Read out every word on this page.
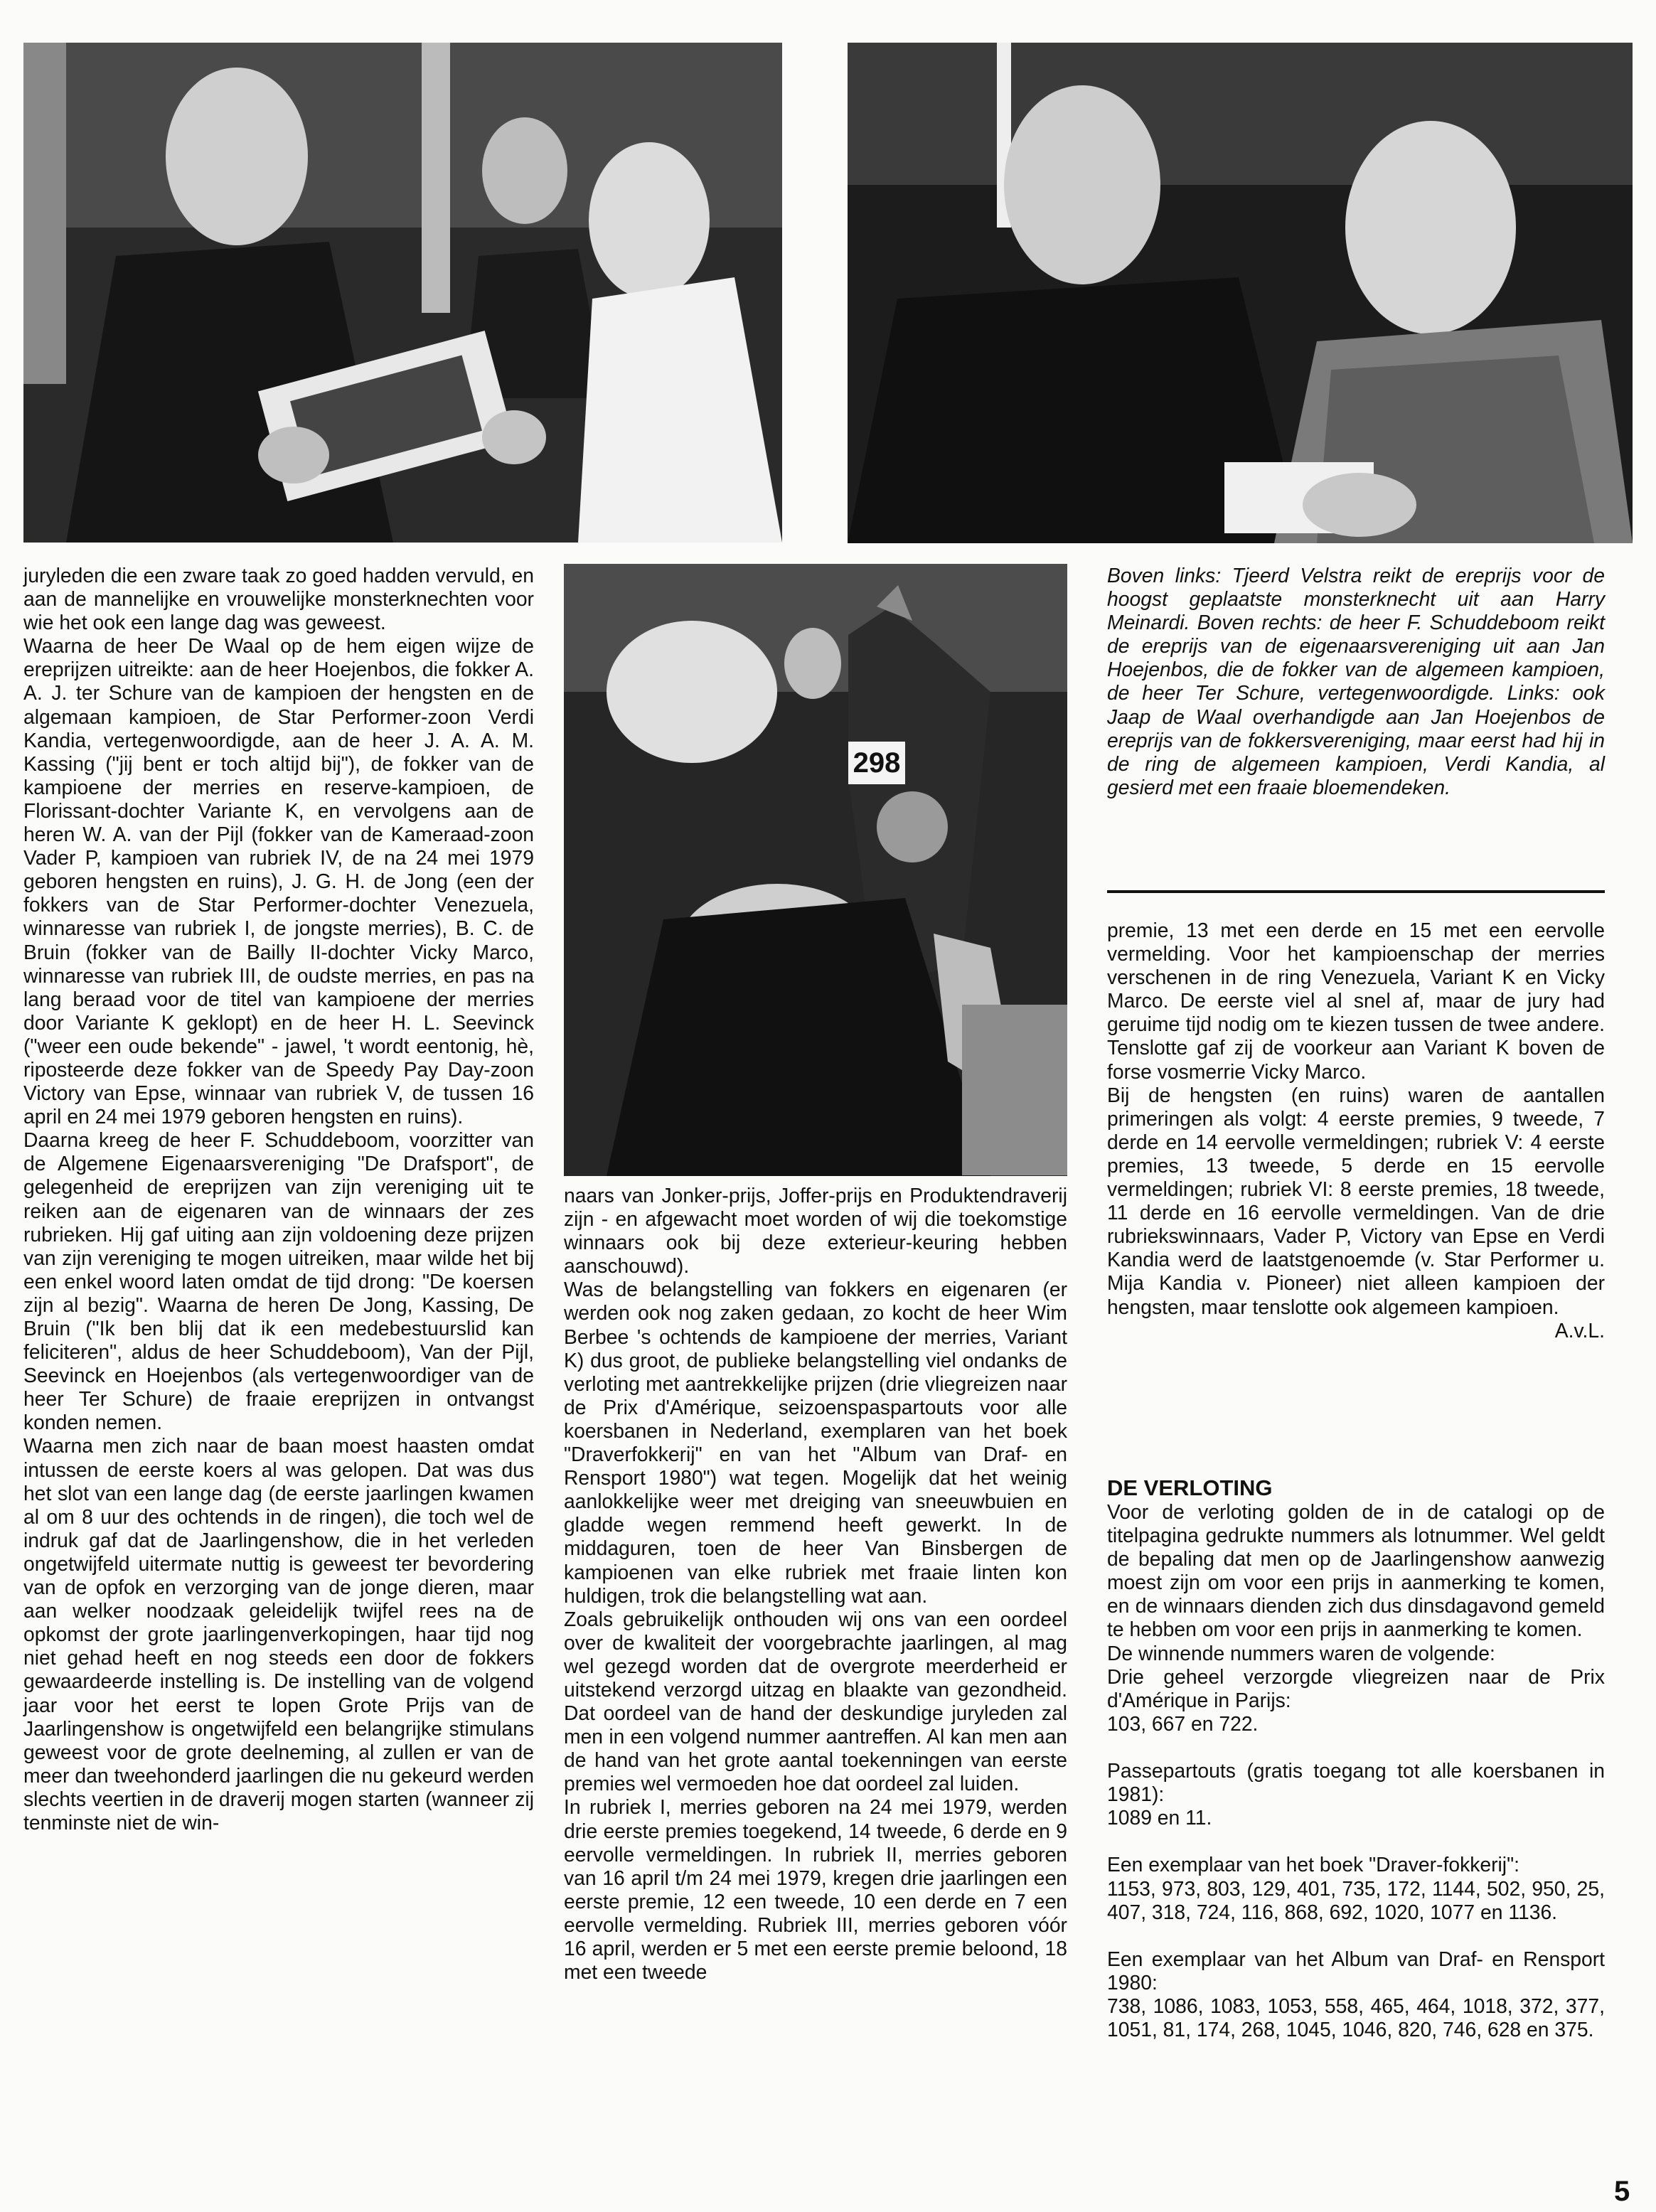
298

juryleden die een zware taak zo goed hadden vervuld, en aan de mannelijke en vrouwelijke monsterknechten voor wie het ook een lange dag was geweest.

Waarna de heer De Waal op de hem eigen wijze de ereprijzen uitreikte: aan de heer Hoejenbos, die fokker A. A. J. ter Schure van de kampioen der hengsten en de algemaan kampioen, de Star Performer-zoon Verdi Kandia, vertegenwoordigde, aan de heer J. A. A. M. Kassing ("jij bent er toch altijd bij"), de fokker van de kampioene der merries en reserve-kampioen, de Florissant-dochter Variante K, en vervolgens aan de heren W. A. van der Pijl (fokker van de Kameraad-zoon Vader P, kampioen van rubriek IV, de na 24 mei 1979 geboren hengsten en ruins), J. G. H. de Jong (een der fokkers van de Star Performer-dochter Venezuela, winnaresse van rubriek I, de jongste merries), B. C. de Bruin (fokker van de Bailly II-dochter Vicky Marco, winnaresse van rubriek III, de oudste merries, en pas na lang beraad voor de titel van kampioene der merries door Variante K geklopt) en de heer H. L. Seevinck ("weer een oude bekende" - jawel, 't wordt eentonig, hè, riposteerde deze fokker van de Speedy Pay Day-zoon Victory van Epse, winnaar van rubriek V, de tussen 16 april en 24 mei 1979 geboren hengsten en ruins).

Daarna kreeg de heer F. Schuddeboom, voorzitter van de Algemene Eigenaarsvereniging "De Drafsport", de gelegenheid de ereprijzen van zijn vereniging uit te reiken aan de eigenaren van de winnaars der zes rubrieken. Hij gaf uiting aan zijn voldoening deze prijzen van zijn vereniging te mogen uitreiken, maar wilde het bij een enkel woord laten omdat de tijd drong: "De koersen zijn al bezig". Waarna de heren De Jong, Kassing, De Bruin ("Ik ben blij dat ik een medebestuurslid kan feliciteren", aldus de heer Schuddeboom), Van der Pijl, Seevinck en Hoejenbos (als vertegenwoordiger van de heer Ter Schure) de fraaie ereprijzen in ontvangst konden nemen.

Waarna men zich naar de baan moest haasten omdat intussen de eerste koers al was gelopen. Dat was dus het slot van een lange dag (de eerste jaarlingen kwamen al om 8 uur des ochtends in de ringen), die toch wel de indruk gaf dat de Jaarlingenshow, die in het verleden ongetwijfeld uitermate nuttig is geweest ter bevordering van de opfok en verzorging van de jonge dieren, maar aan welker noodzaak geleidelijk twijfel rees na de opkomst der grote jaarlingenverkopingen, haar tijd nog niet gehad heeft en nog steeds een door de fokkers gewaardeerde instelling is. De instelling van de volgend jaar voor het eerst te lopen Grote Prijs van de Jaarlingenshow is ongetwijfeld een belangrijke stimulans geweest voor de grote deelneming, al zullen er van de meer dan tweehonderd jaarlingen die nu gekeurd werden slechts veertien in de draverij mogen starten (wanneer zij tenminste niet de win-

naars van Jonker-prijs, Joffer-prijs en Produktendraverij zijn - en afgewacht moet worden of wij die toekomstige winnaars ook bij deze exterieur-keuring hebben aanschouwd).

Was de belangstelling van fokkers en eigenaren (er werden ook nog zaken gedaan, zo kocht de heer Wim Berbee 's ochtends de kampioene der merries, Variant K) dus groot, de publieke belangstelling viel ondanks de verloting met aantrekkelijke prijzen (drie vliegreizen naar de Prix d'Amérique, seizoenspaspartouts voor alle koersbanen in Nederland, exemplaren van het boek "Draverfokkerij" en van het "Album van Draf- en Rensport 1980") wat tegen. Mogelijk dat het weinig aanlokkelijke weer met dreiging van sneeuwbuien en gladde wegen remmend heeft gewerkt. In de middaguren, toen de heer Van Binsbergen de kampioenen van elke rubriek met fraaie linten kon huldigen, trok die belangstelling wat aan.

Zoals gebruikelijk onthouden wij ons van een oordeel over de kwaliteit der voorgebrachte jaarlingen, al mag wel gezegd worden dat de overgrote meerderheid er uitstekend verzorgd uitzag en blaakte van gezondheid. Dat oordeel van de hand der deskundige juryleden zal men in een volgend nummer aantreffen. Al kan men aan de hand van het grote aantal toekenningen van eerste premies wel vermoeden hoe dat oordeel zal luiden.

In rubriek I, merries geboren na 24 mei 1979, werden drie eerste premies toegekend, 14 tweede, 6 derde en 9 eervolle vermeldingen. In rubriek II, merries geboren van 16 april t/m 24 mei 1979, kregen drie jaarlingen een eerste premie, 12 een tweede, 10 een derde en 7 een eervolle vermelding. Rubriek III, merries geboren vóór 16 april, werden er 5 met een eerste premie beloond, 18 met een tweede

Boven links: Tjeerd Velstra reikt de ereprijs voor de hoogst geplaatste monsterknecht uit aan Harry Meinardi. Boven rechts: de heer F. Schuddeboom reikt de ereprijs van de eigenaarsvereniging uit aan Jan Hoejenbos, die de fokker van de algemeen kampioen, de heer Ter Schure, vertegenwoordigde. Links: ook Jaap de Waal overhandigde aan Jan Hoejenbos de ereprijs van de fokkersvereniging, maar eerst had hij in de ring de algemeen kampioen, Verdi Kandia, al gesierd met een fraaie bloemendeken.

premie, 13 met een derde en 15 met een eervolle vermelding. Voor het kampioenschap der merries verschenen in de ring Venezuela, Variant K en Vicky Marco. De eerste viel al snel af, maar de jury had geruime tijd nodig om te kiezen tussen de twee andere. Tenslotte gaf zij de voorkeur aan Variant K boven de forse vosmerrie Vicky Marco.

Bij de hengsten (en ruins) waren de aantallen primeringen als volgt: 4 eerste premies, 9 tweede, 7 derde en 14 eervolle vermeldingen; rubriek V: 4 eerste premies, 13 tweede, 5 derde en 15 eervolle vermeldingen; rubriek VI: 8 eerste premies, 18 tweede, 11 derde en 16 eervolle vermeldingen. Van de drie rubriekswinnaars, Vader P, Victory van Epse en Verdi Kandia werd de laatstgenoemde (v. Star Performer u. Mija Kandia v. Pioneer) niet alleen kampioen der hengsten, maar tenslotte ook algemeen kampioen.

A.v.L.

DE VERLOTING

Voor de verloting golden de in de catalogi op de titelpagina gedrukte nummers als lotnummer. Wel geldt de bepaling dat men op de Jaarlingenshow aanwezig moest zijn om voor een prijs in aanmerking te komen, en de winnaars dienden zich dus dinsdagavond gemeld te hebben om voor een prijs in aanmerking te komen.

De winnende nummers waren de volgende:

Drie geheel verzorgde vliegreizen naar de Prix d'Amérique in Parijs:

103, 667 en 722.

Passepartouts (gratis toegang tot alle koersbanen in 1981):

1089 en 11.

Een exemplaar van het boek "Draver-fokkerij":

1153, 973, 803, 129, 401, 735, 172, 1144, 502, 950, 25, 407, 318, 724, 116, 868, 692, 1020, 1077 en 1136.

Een exemplaar van het Album van Draf- en Rensport 1980:

738, 1086, 1083, 1053, 558, 465, 464, 1018, 372, 377, 1051, 81, 174, 268, 1045, 1046, 820, 746, 628 en 375.

5
